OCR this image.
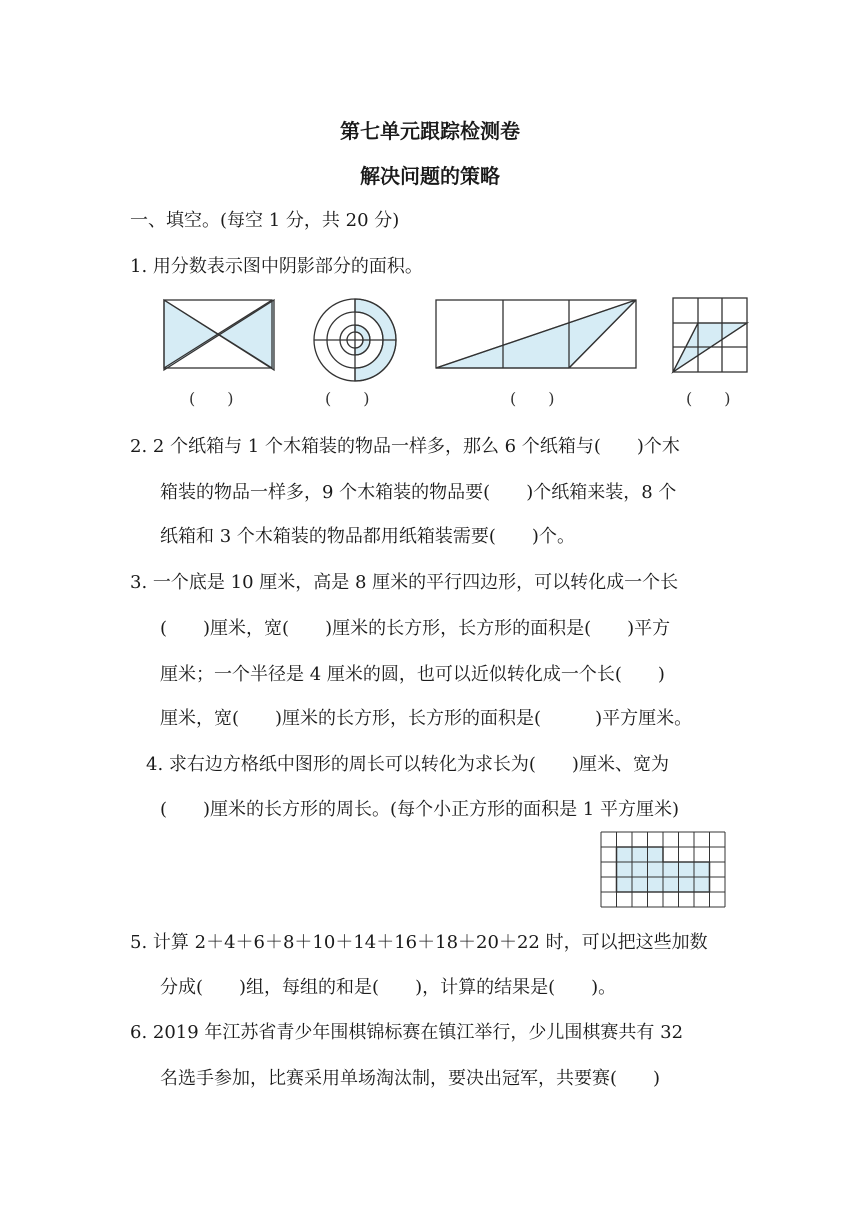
第七单元跟踪检测卷
解决问题的策略
一、填空。(每空 1 分，共 20 分)
1. 用分数表示图中阴影部分的面积。
(　　)	(　　)	(　　)	(　　)
2. 2 个纸箱与 1 个木箱装的物品一样多，那么 6 个纸箱与(　　)个木
箱装的物品一样多，9 个木箱装的物品要(　　)个纸箱来装，8 个
纸箱和 3 个木箱装的物品都用纸箱装需要(　　)个。
3. 一个底是 10 厘米，高是 8 厘米的平行四边形，可以转化成一个长
(　　)厘米，宽(　　)厘米的长方形，长方形的面积是(　　)平方
厘米；一个半径是 4 厘米的圆，也可以近似转化成一个长(　　)
厘米，宽(　　)厘米的长方形，长方形的面积是(　　　)平方厘米。
4. 求右边方格纸中图形的周长可以转化为求长为(　　)厘米、宽为
(　　)厘米的长方形的周长。(每个小正方形的面积是 1 平方厘米)
5. 计算 2＋4＋6＋8＋10＋14＋16＋18＋20＋22 时，可以把这些加数
分成(　　)组，每组的和是(　　)，计算的结果是(　　)。
6. 2019 年江苏省青少年围棋锦标赛在镇江举行，少儿围棋赛共有 32
名选手参加，比赛采用单场淘汰制，要决出冠军，共要赛(　　)
